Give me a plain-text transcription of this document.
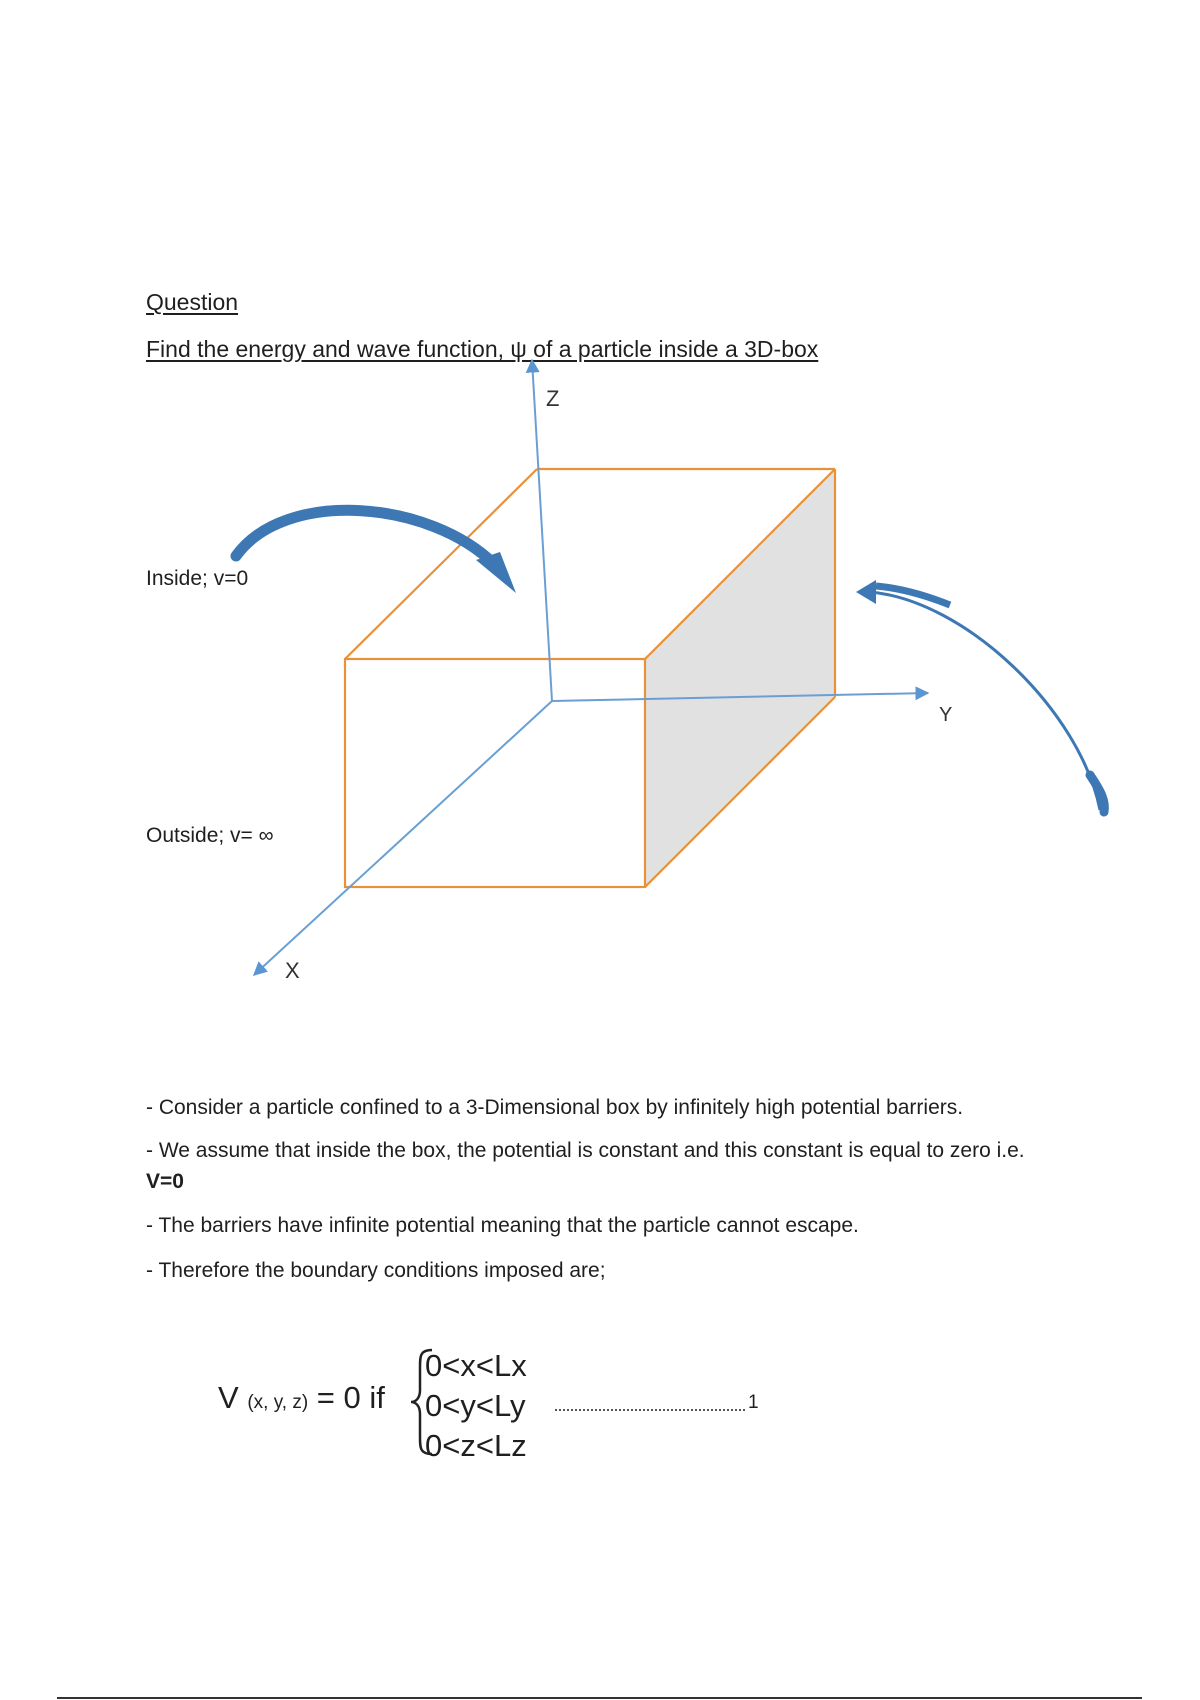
Question
Find the energy and wave function, ψ of a particle inside a 3D-box
Z
Y
X
Inside; v=0
Outside; v= ∞
- Consider a particle confined to a 3-Dimensional box by infinitely high potential barriers.
- We assume that inside the box, the potential is constant and this constant is equal to zero i.e.
V=0
- The barriers have infinite potential meaning that the particle cannot escape.
- Therefore the boundary conditions imposed are;
V (x, y, z) = 0 if
0<x<Lx
0<y<Ly
0<z<Lz
1
